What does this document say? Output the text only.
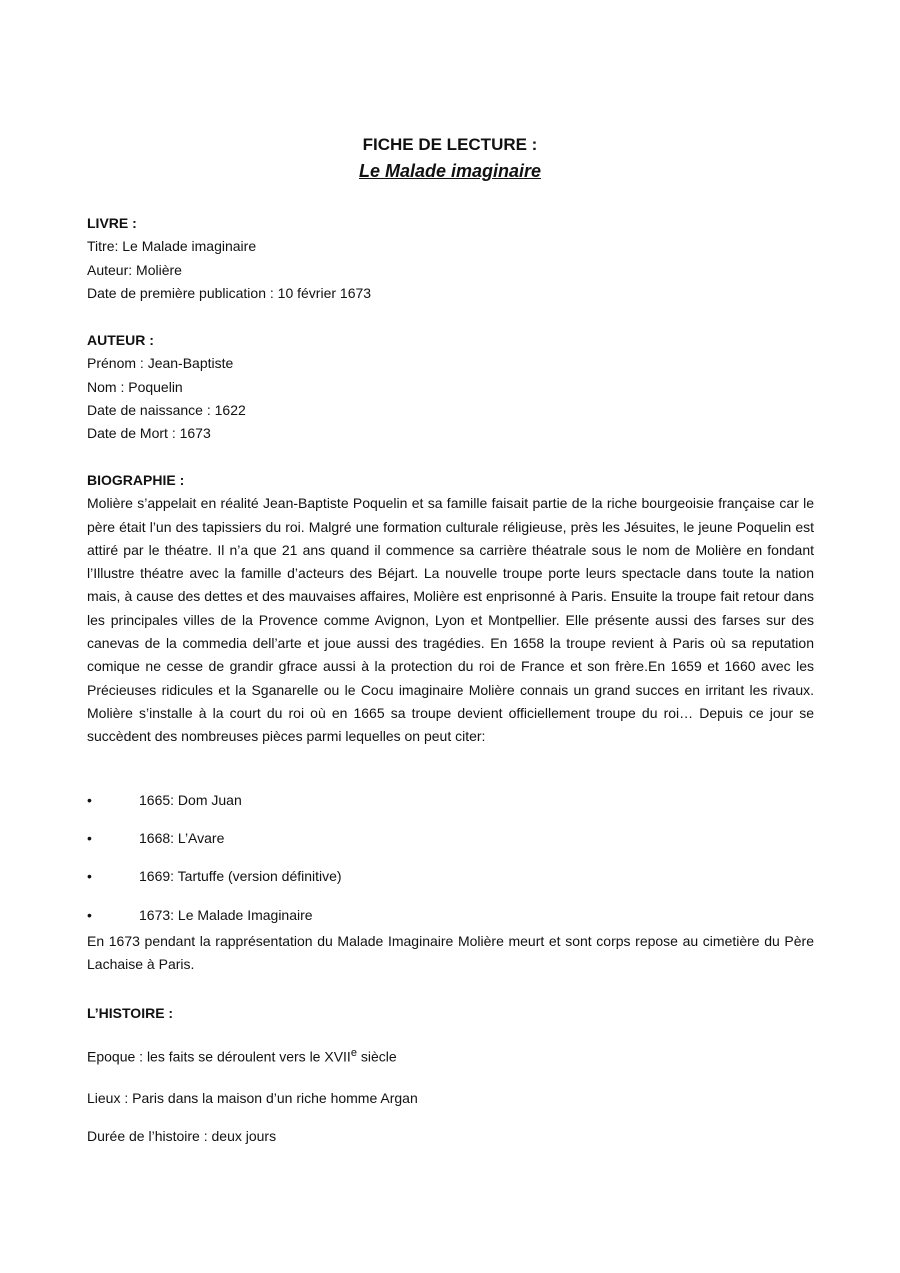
FICHE DE LECTURE :
Le Malade imaginaire
LIVRE :
Titre: Le Malade imaginaire
Auteur: Molière
Date de première publication : 10 février 1673
AUTEUR :
Prénom : Jean-Baptiste
Nom : Poquelin
Date de naissance : 1622
Date de Mort : 1673
BIOGRAPHIE :

Molière s’appelait en réalité Jean-Baptiste Poquelin et sa famille faisait partie de la riche bourgeoisie française car le père était l’un des tapissiers du roi. Malgré une formation culturale réligieuse, près les Jésuites, le jeune Poquelin est attiré par le théatre. Il n’a que 21 ans quand il commence sa carrière théatrale sous le nom de Molière en fondant l’Illustre théatre avec la famille d’acteurs des Béjart. La nouvelle troupe porte leurs spectacle dans toute la nation mais, à cause des dettes et des mauvaises affaires, Molière est enprisonné à Paris. Ensuite la troupe fait retour dans les principales villes de la Provence comme Avignon, Lyon et Montpellier. Elle présente aussi des farses sur des canevas de la commedia dell’arte et joue aussi des tragédies. En 1658 la troupe revient à Paris où sa reputation comique ne cesse de grandir gfrace aussi à la protection du roi de France et son frère.En 1659 et 1660 avec les Précieuses ridicules et la Sganarelle ou le Cocu imaginaire Molière connais un grand succes en irritant les rivaux. Molière s’installe à la court du roi où en 1665 sa troupe devient officiellement troupe du roi… Depuis ce jour se succèdent des nombreuses pièces parmi lequelles on peut citer:

•	1665: Dom Juan
•	1668: L’Avare
•	1669: Tartuffe (version définitive)
•	1673: Le Malade Imaginaire

En 1673 pendant la rapprésentation du Malade Imaginaire Molière meurt et sont corps repose au cimetière du Père Lachaise à Paris.

L’HISTOIRE :
Epoque : les faits se déroulent vers le XVIIe siècle
Lieux : Paris dans la maison d’un riche homme Argan
Durée de l’histoire : deux jours
